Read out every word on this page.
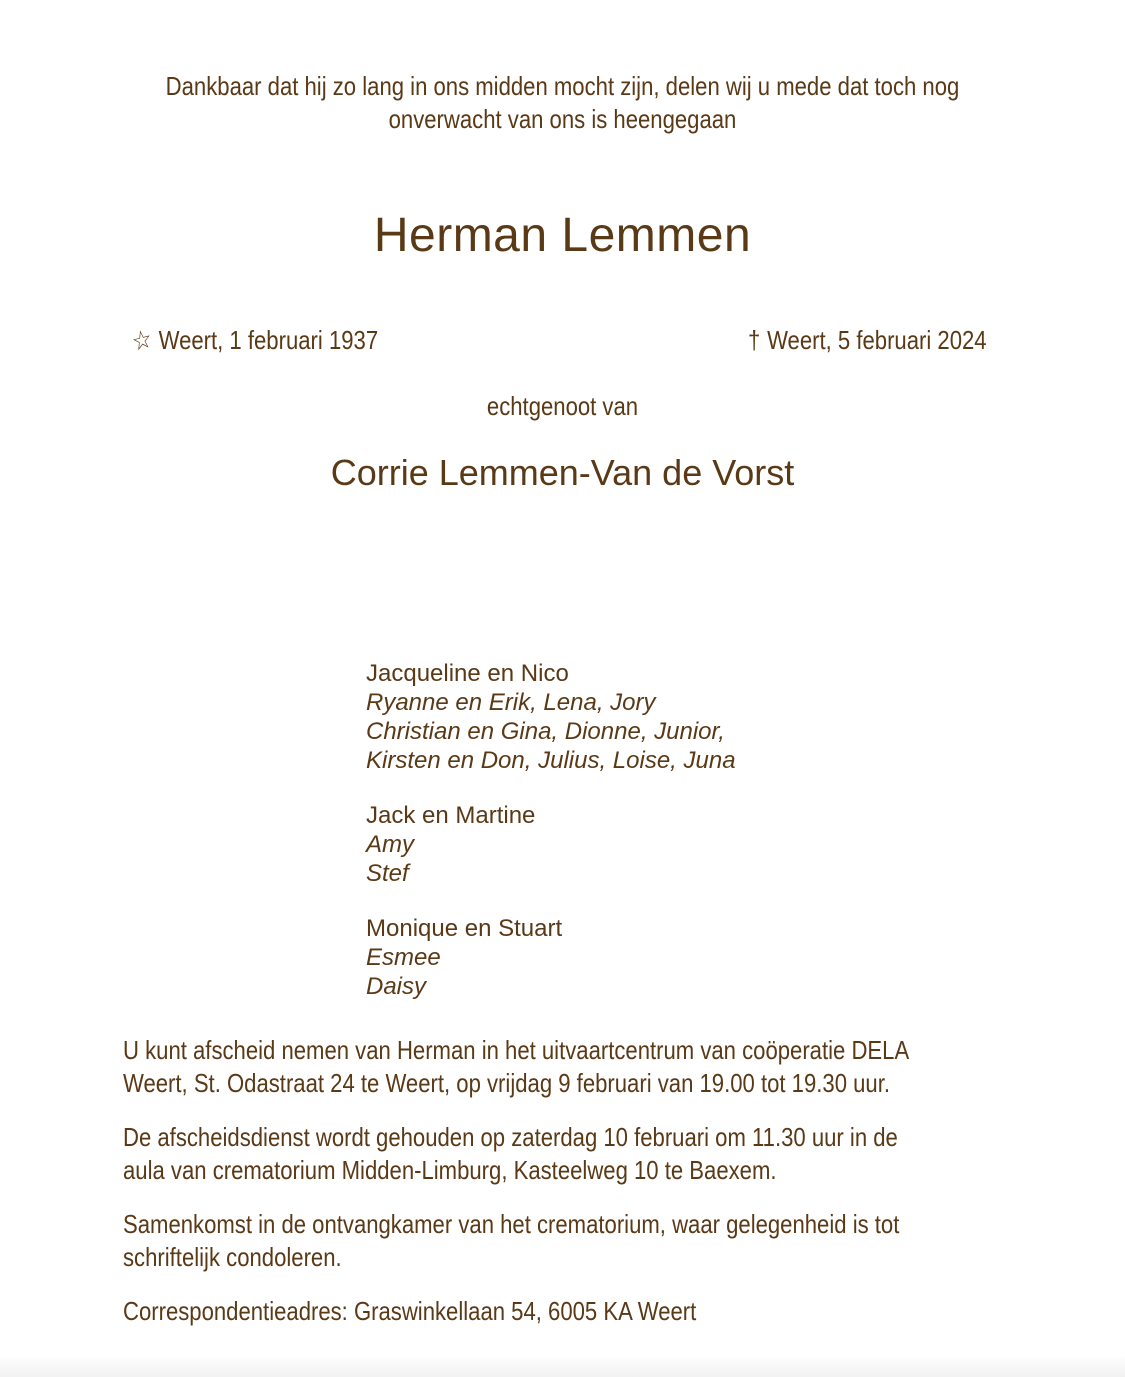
Dankbaar dat hij zo lang in ons midden mocht zijn, delen wij u mede dat toch nog
onverwacht van ons is heengegaan
Herman Lemmen
☆ Weert, 1 februari 1937	† Weert, 5 februari 2024
echtgenoot van
Corrie Lemmen-Van de Vorst
Jacqueline en Nico
Ryanne en Erik, Lena, Jory
Christian en Gina, Dionne, Junior,
Kirsten en Don, Julius, Loise, Juna
Jack en Martine
Amy
Stef
Monique en Stuart
Esmee
Daisy
U kunt afscheid nemen van Herman in het uitvaartcentrum van coöperatie DELA
Weert, St. Odastraat 24 te Weert, op vrijdag 9 februari van 19.00 tot 19.30 uur.
De afscheidsdienst wordt gehouden op zaterdag 10 februari om 11.30 uur in de
aula van crematorium Midden-Limburg, Kasteelweg 10 te Baexem.
Samenkomst in de ontvangkamer van het crematorium, waar gelegenheid is tot
schriftelijk condoleren.
Correspondentieadres: Graswinkellaan 54, 6005 KA Weert
